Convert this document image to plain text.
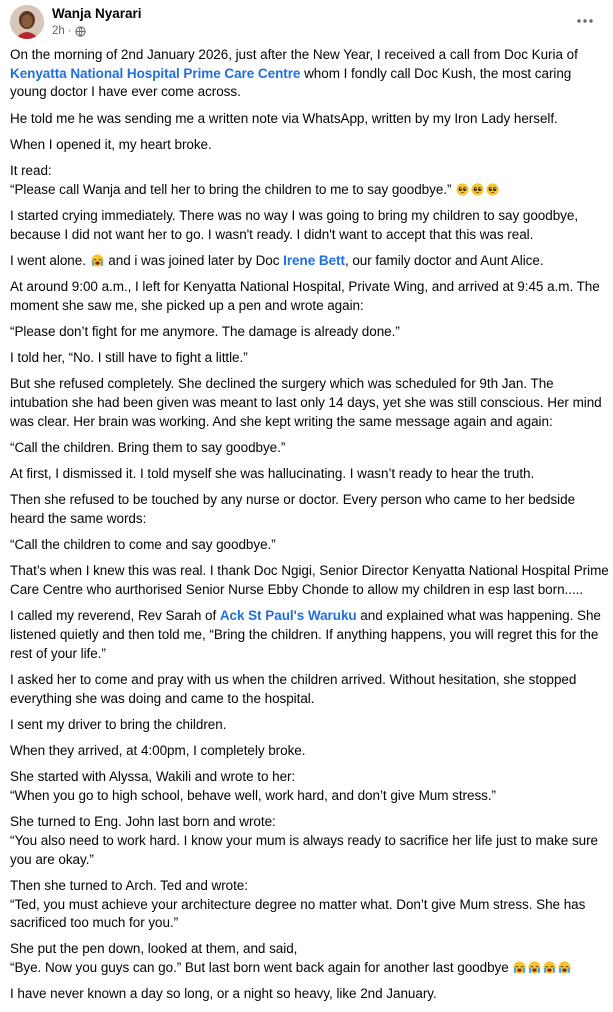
Wanja Nyarari
2h ·

On the morning of 2nd January 2026, just after the New Year, I received a call from Doc Kuria of Kenyatta National Hospital Prime Care Centre whom I fondly call Doc Kush, the most caring young doctor I have ever come across.

He told me he was sending me a written note via WhatsApp, written by my Iron Lady herself.

When I opened it, my heart broke.

It read:
“Please call Wanja and tell her to bring the children to me to say goodbye.”

I started crying immediately. There was no way I was going to bring my children to say goodbye, because I did not want her to go. I wasn't ready. I didn't want to accept that this was real.

I went alone.  and i was joined later by Doc Irene Bett, our family doctor and Aunt Alice.

At around 9:00 a.m., I left for Kenyatta National Hospital, Private Wing, and arrived at 9:45 a.m. The moment she saw me, she picked up a pen and wrote again:

“Please don’t fight for me anymore. The damage is already done.”

I told her, “No. I still have to fight a little.”

But she refused completely. She declined the surgery which was scheduled for 9th Jan. The intubation she had been given was meant to last only 14 days, yet she was still conscious. Her mind was clear. Her brain was working. And she kept writing the same message again and again:

“Call the children. Bring them to say goodbye.”

At first, I dismissed it. I told myself she was hallucinating. I wasn’t ready to hear the truth.

Then she refused to be touched by any nurse or doctor. Every person who came to her bedside heard the same words:

“Call the children to come and say goodbye.”

That’s when I knew this was real. I thank Doc Ngigi, Senior Director Kenyatta National Hospital Prime Care Centre who aurthorised Senior Nurse Ebby Chonde to allow my children in esp last born.....

I called my reverend, Rev Sarah of Ack St Paul's Waruku and explained what was happening. She listened quietly and then told me, “Bring the children. If anything happens, you will regret this for the rest of your life.”

I asked her to come and pray with us when the children arrived. Without hesitation, she stopped everything she was doing and came to the hospital.

I sent my driver to bring the children.

When they arrived, at 4:00pm, I completely broke.

She started with Alyssa, Wakili and wrote to her:
“When you go to high school, behave well, work hard, and don’t give Mum stress.”

She turned to Eng. John last born and wrote:
“You also need to work hard. I know your mum is always ready to sacrifice her life just to make sure you are okay.”

Then she turned to Arch. Ted and wrote:
“Ted, you must achieve your architecture degree no matter what. Don’t give Mum stress. She has sacrificed too much for you.”

She put the pen down, looked at them, and said,
“Bye. Now you guys can go.” But last born went back again for another last goodbye

I have never known a day so long, or a night so heavy, like 2nd January.
